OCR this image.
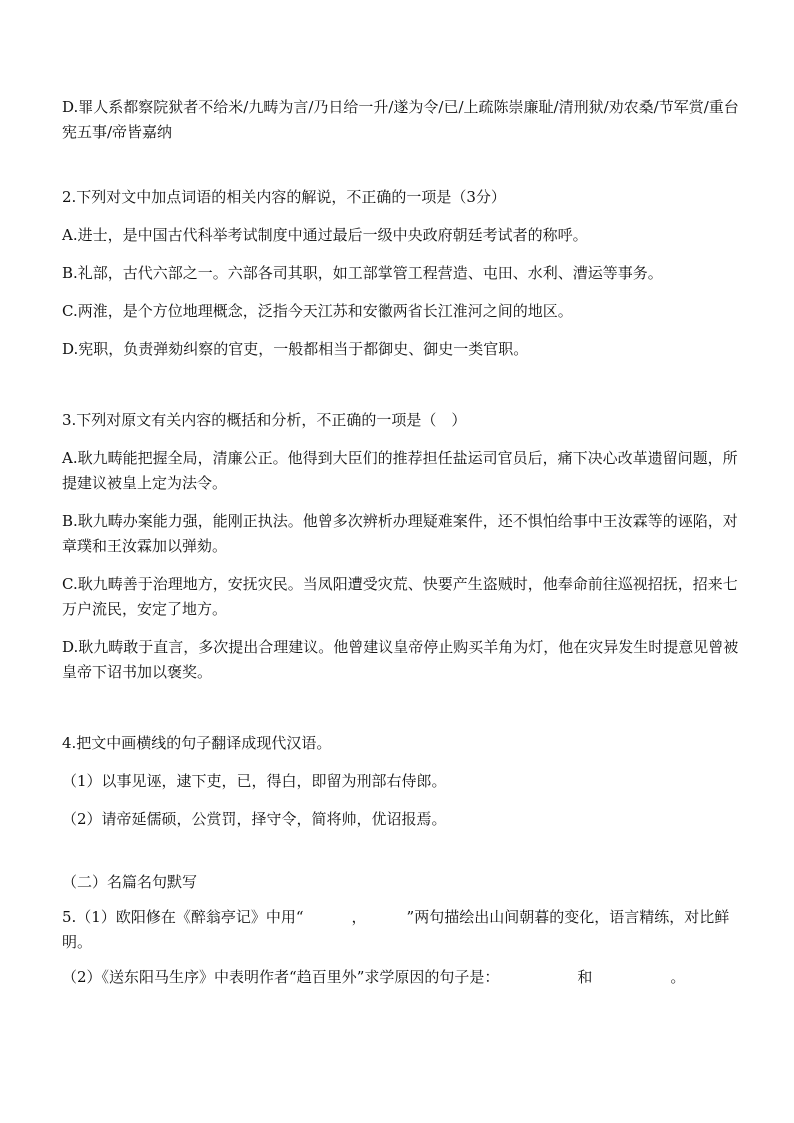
D.罪人系都察院狱者不给米/九畴为言/乃日给一升/遂为令/已/上疏陈崇廉耻/清刑狱/劝农桑/节军赏/重台宪五事/帝皆嘉纳

2.下列对文中加点词语的相关内容的解说，不正确的一项是（3分）

A.进士，是中国古代科举考试制度中通过最后一级中央政府朝廷考试者的称呼。

B.礼部，古代六部之一。六部各司其职，如工部掌管工程营造、屯田、水利、漕运等事务。

C.两淮，是个方位地理概念，泛指今天江苏和安徽两省长江淮河之间的地区。

D.宪职，负责弹劾纠察的官吏，一般都相当于都御史、御史一类官职。

3.下列对原文有关内容的概括和分析，不正确的一项是（　）

A.耿九畴能把握全局，清廉公正。他得到大臣们的推荐担任盐运司官员后，痛下决心改革遗留问题，所提建议被皇上定为法令。

B.耿九畴办案能力强，能刚正执法。他曾多次辨析办理疑难案件，还不惧怕给事中王汝霖等的诬陷，对章璞和王汝霖加以弹劾。

C.耿九畴善于治理地方，安抚灾民。当凤阳遭受灾荒、快要产生盗贼时，他奉命前往巡视招抚，招来七万户流民，安定了地方。

D.耿九畴敢于直言，多次提出合理建议。他曾建议皇帝停止购买羊角为灯，他在灾异发生时提意见曾被皇帝下诏书加以褒奖。

4.把文中画横线的句子翻译成现代汉语。

（1）以事见诬，逮下吏，已，得白，即留为刑部右侍郎。

（2）请帝延儒硕，公赏罚，择守令，简将帅，优诏报焉。

（二）名篇名句默写

5.（1）欧阳修在《醉翁亭记》中用“	，	”两句描绘出山间朝暮的变化，语言精练，对比鲜明。

（2）《送东阳马生序》中表明作者“趋百里外”求学原因的句子是：	和	。
